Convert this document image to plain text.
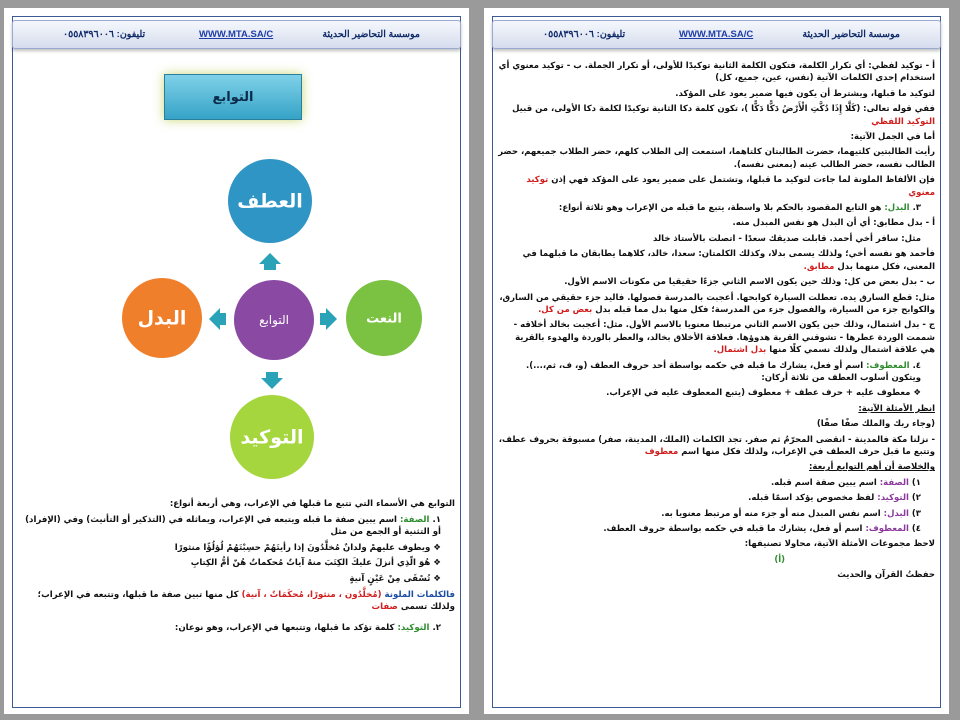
موسسة التحاضير الحديثة
WWW.MTA.SA/C
تليفون: ٠٥٥٨٣٩٦٠٠٦
التوابع
التوابع
العطف
النعت
التوكيد
البدل

التوابع هي الأسماء التي تتبع ما قبلها في الإعراب، وهي أربعة أنواع:

١. الصفة: اسم يبين صفة ما قبله ويتبعه في الإعراب، ويماثله في (التذكير أو التأنيث) وفي (الإفراد) أو التثنية أو الجمع من مثل

❖ ويطوف عليهمْ ولدانٌ مُخلَّدُونَ إذا رأيتَهُمْ حسِبْتَهُمْ لُؤلُؤًا منثورًا

❖ هُوَ الّذِي أنزلَ عليكَ الكِتَبَ منهُ آياتٌ مُحكماتٌ هُنّ أمُّ الكِتابِ

❖ تُسْقَى مِنْ عَيْنٍ آنيةٍ

فالكلمات الملونة (مُخلَّدُون ، منثورًا، مُحكَمَاتٌ ، آنية) كل منها تبين صفة ما قبلها، وتتبعه في الإعراب؛ ولذلك تسمى صفات

٢. التوكيد: كلمة تؤكد ما قبلها، وتتبعها في الإعراب، وهو نوعان:

موسسة التحاضير الحديثة
WWW.MTA.SA/C
تليفون: ٠٥٥٨٣٩٦٠٠٦

أ - توكيد لفظي: أي تكرار الكلمة، فتكون الكلمة الثانية توكيدًا للأولى، أو تكرار الجملة. ب - توكيد معنوي أي استخدام إحدى الكلمات الآتية (نفس، عين، جميع، كل)

لتوكيد ما قبلها، ويشترط أن يكون فيها ضمير يعود على المؤكد.

ففي قوله تعالى: (كَلَّا إِذَا دُكَّتِ الْأَرْضُ دَكًّا دَكًّا )، تكون كلمة دكا الثانية توكيدًا لكلمة دكا الأولى، من قبيل التوكيد اللفظي

أما في الجمل الآتية:

رأيت الطالبتين كلتيهما، حضرت الطالبتان كلتاهما، استمعت إلى الطلاب كلهم، حضر الطلاب جميعهم، حضر الطالب نفسه، حضر الطالب عينه (بمعنى نفسه).

فإن الألفاظ الملونة لما جاءت لتوكيد ما قبلها، وتشتمل على ضمير يعود على المؤكد فهي إذن توكيد معنوي

٣. البدل: هو التابع المقصود بالحكم بلا واسطة، يتبع ما قبله من الإعراب وهو ثلاثة أنواع:

أ - بدل مطابق: أي أن البدل هو نفس المبدل منه.

مثل: سافر أخي أحمد. قابلت صديقك سعدًا - اتصلت بالأستاذ خالد

فأحمد هو نفسه أخي؛ ولذلك يسمى بدلا، وكذلك الكلمتان: سعدا، خالد، كلاهما يطابقان ما قبلهما في المعنى، فكل منهما بدل مطابق.

ب - بدل بعض من كل: وذلك حين يكون الاسم الثاني جزءًا حقيقيا من مكونات الاسم الأول.

مثل: قطع السارق يده. تعطلت السيارة كوابحها. أعجبت بالمدرسة فصولها. فاليد جزء حقيقي من السارق، والكوابح جزء من السيارة، والفصول جزء من المدرسة؛ فكل منها بدل مما قبله بدل بعض من كل.

ج - بدل اشتمال، وذلك حين يكون الاسم الثاني مرتبطا معنويا بالاسم الأول. مثل: أعجبت بخالد أخلاقه - شممت الوردة عطرها - تشوقني القرية هدوؤها. فعلاقة الأخلاق بخالد، والعطر بالوردة والهدوء بالقرية هي علاقة اشتمال ولذلك نسمي كلًا منها بدل اشتمال.

٤. المعطوف: اسم أو فعل، يشارك ما قبله في حكمه بواسطة أحد حروف العطف (و، ف، ثم،...). ويتكون أسلوب العطف من ثلاثة أركان:

❖ معطوف عليه + حرف عطف + معطوف (يتبع المعطوف عليه في الإعراب.

انظر الأمثلة الآتية:

(وجاء ربك والملك صفًا صفًا)

- نزلنا مكة فالمدينة - انقضى المحرّمُ ثم صفر. تجد الكلمات (الملك، المدينة، صفر) مسبوقة بحروف عطف، وتتبع ما قبل حرف العطف في الإعراب، ولذلك فكل منها اسم معطوف

والخلاصة أن أهم التوابع أربعة:

١) الصفة: اسم يبين صفة اسم قبله.

٢) التوكيد: لفظ مخصوص يؤكد اسمًا قبله.

٣) البدل: اسم نفس المبدل منه أو جزء منه أو مرتبط معنويا به.

٤) المعطوف: اسم أو فعل، يشارك ما قبله في حكمه بواسطة حروف العطف.

لاحظ مجموعات الأمثلة الآتية، محاولا تصنيفها:

(أ)

حفظتُ القرآن والحديث
